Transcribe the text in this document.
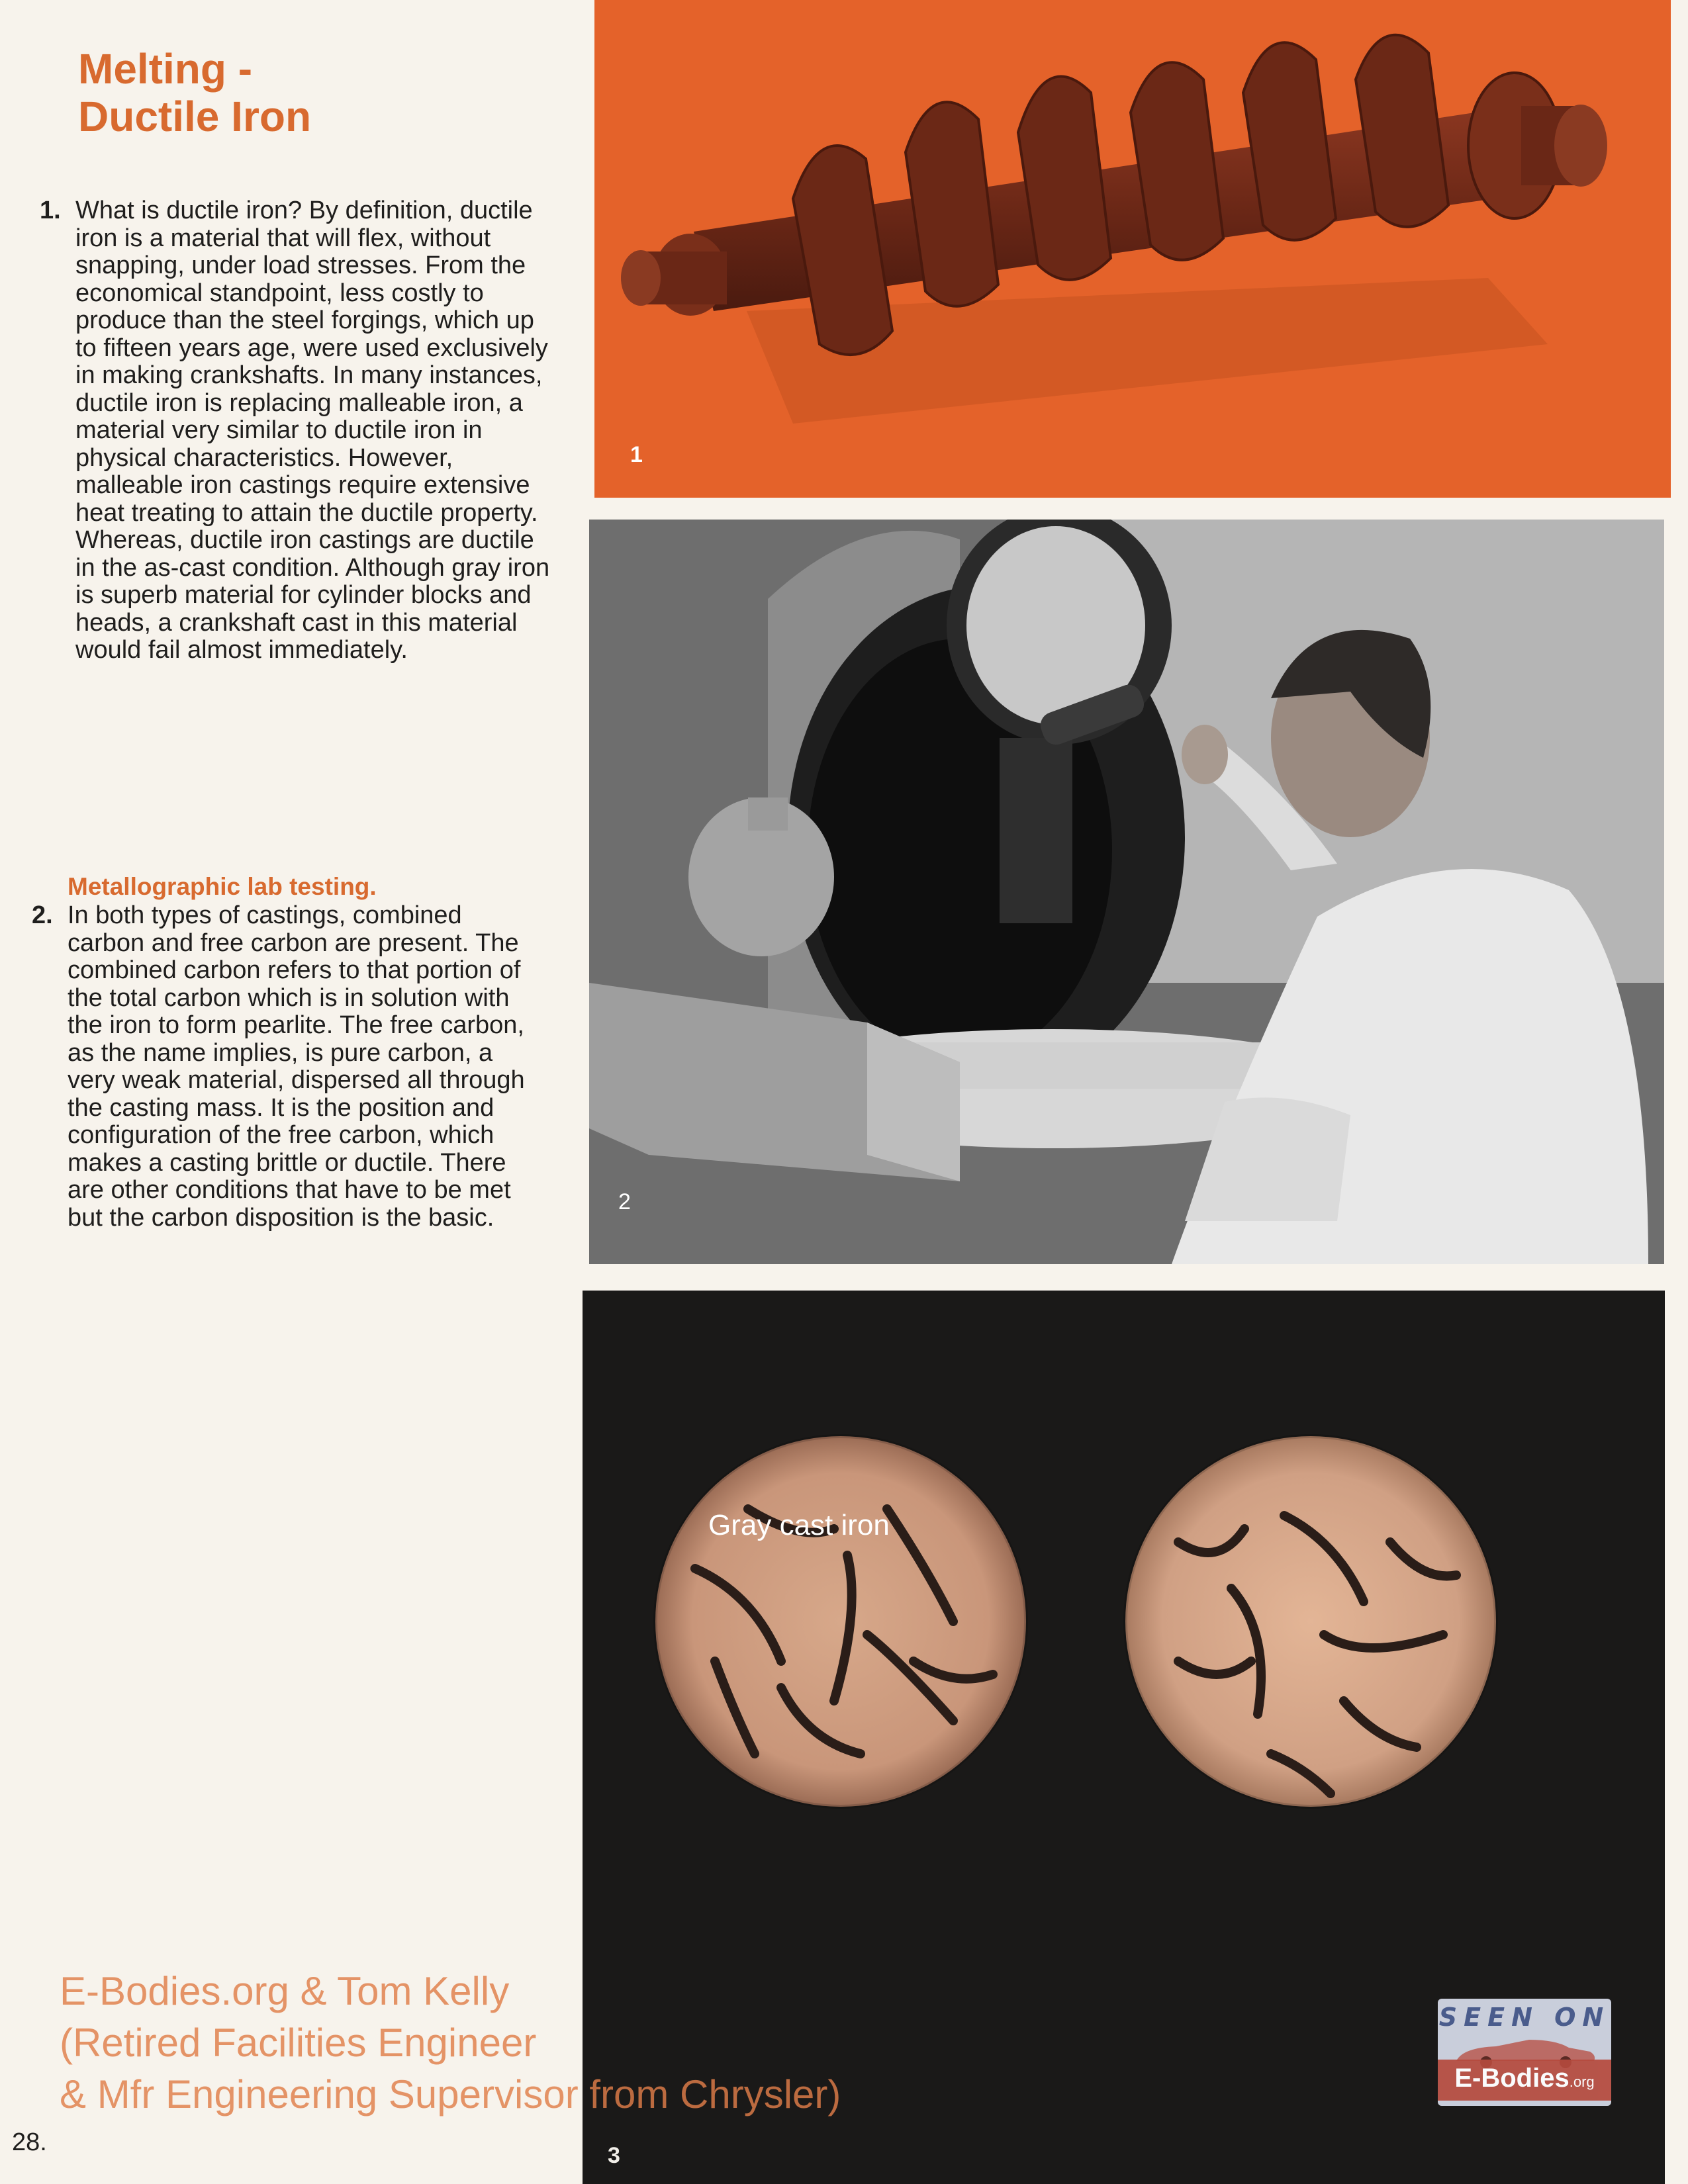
Melting -
Ductile Iron
1. What is ductile iron? By definition, ductile iron is a material that will flex, without snapping, under load stresses. From the economical standpoint, less costly to produce than the steel forgings, which up to fifteen years age, were used exclusively in making crankshafts. In many instances, ductile iron is replacing malleable iron, a material very similar to ductile iron in physical characteristics. However, malleable iron castings require extensive heat treating to attain the ductile property. Whereas, ductile iron castings are ductile in the as-cast condition. Although gray iron is superb material for cylinder blocks and heads, a crankshaft cast in this material would fail almost immediately.
Metallographic lab testing.
2. In both types of castings, combined carbon and free carbon are present. The combined carbon refers to that portion of the total carbon which is in solution with the iron to form pearlite. The free carbon, as the name implies, is pure carbon, a very weak material, dispersed all through the casting mass. It is the position and configuration of the free carbon, which makes a casting brittle or ductile. There are other conditions that have to be met but the carbon disposition is the basic.
1
2
Gray cast iron
3
E-Bodies.org & Tom Kelly
(Retired Facilities Engineer
& Mfr Engineering Supervisor from Chrysler)
SEEN ON
E-Bodies.org
28.
